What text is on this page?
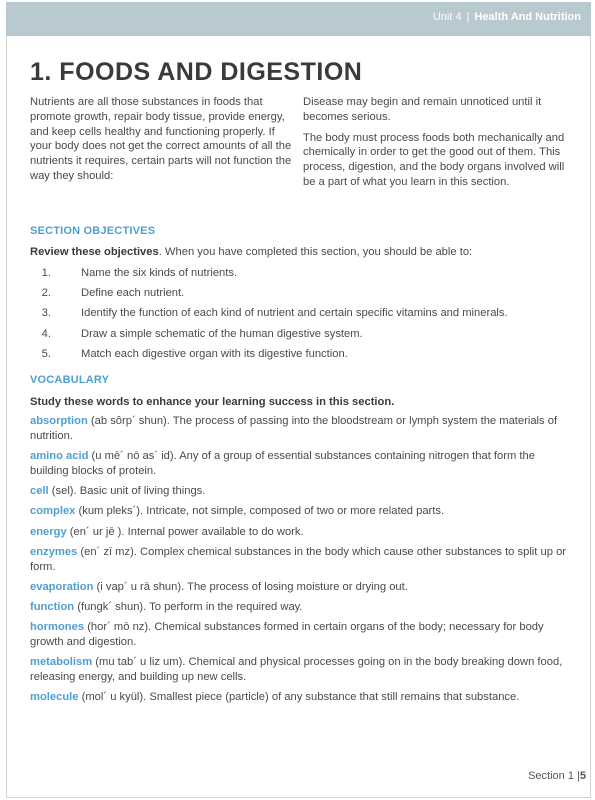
Unit 4 | Health And Nutrition
1. FOODS AND DIGESTION

Nutrients are all those substances in foods that promote growth, repair body tissue, provide energy, and keep cells healthy and functioning properly. If your body does not get the correct amounts of all the nutrients it requires, certain parts will not function the way they should:

Disease may begin and remain unnoticed until it becomes serious.

The body must process foods both mechanically and chemically in order to get the good out of them. This process, digestion, and the body organs involved will be a part of what you learn in this section.

SECTION OBJECTIVES
Review these objectives. When you have completed this section, you should be able to:
1.	Name the six kinds of nutrients.
2.	Define each nutrient.
3.	Identify the function of each kind of nutrient and certain specific vitamins and minerals.
4.	Draw a simple schematic of the human digestive system.
5.	Match each digestive organ with its digestive function.
VOCABULARY
Study these words to enhance your learning success in this section.
absorption (ab sôrp´ shun). The process of passing into the bloodstream or lymph system the materials of nutrition.
amino acid (u mē´ nō as´ id). Any of a group of essential substances containing nitrogen that form the building blocks of protein.
cell (sel). Basic unit of living things.
complex (kum pleks´). Intricate, not simple, composed of two or more related parts.
energy (en´ ur jē ). Internal power available to do work.
enzymes (en´ zī mz). Complex chemical substances in the body which cause other substances to split up or form.
evaporation (i vap´ u rā shun). The process of losing moisture or drying out.
function (fungk´ shun). To perform in the required way.
hormones (hor´ mō nz). Chemical substances formed in certain organs of the body; necessary for body growth and digestion.
metabolism (mu tab´ u liz um). Chemical and physical processes going on in the body breaking down food, releasing energy, and building up new cells.
molecule (mol´ u kyül). Smallest piece (particle) of any substance that still remains that substance.
Section 1 |5
